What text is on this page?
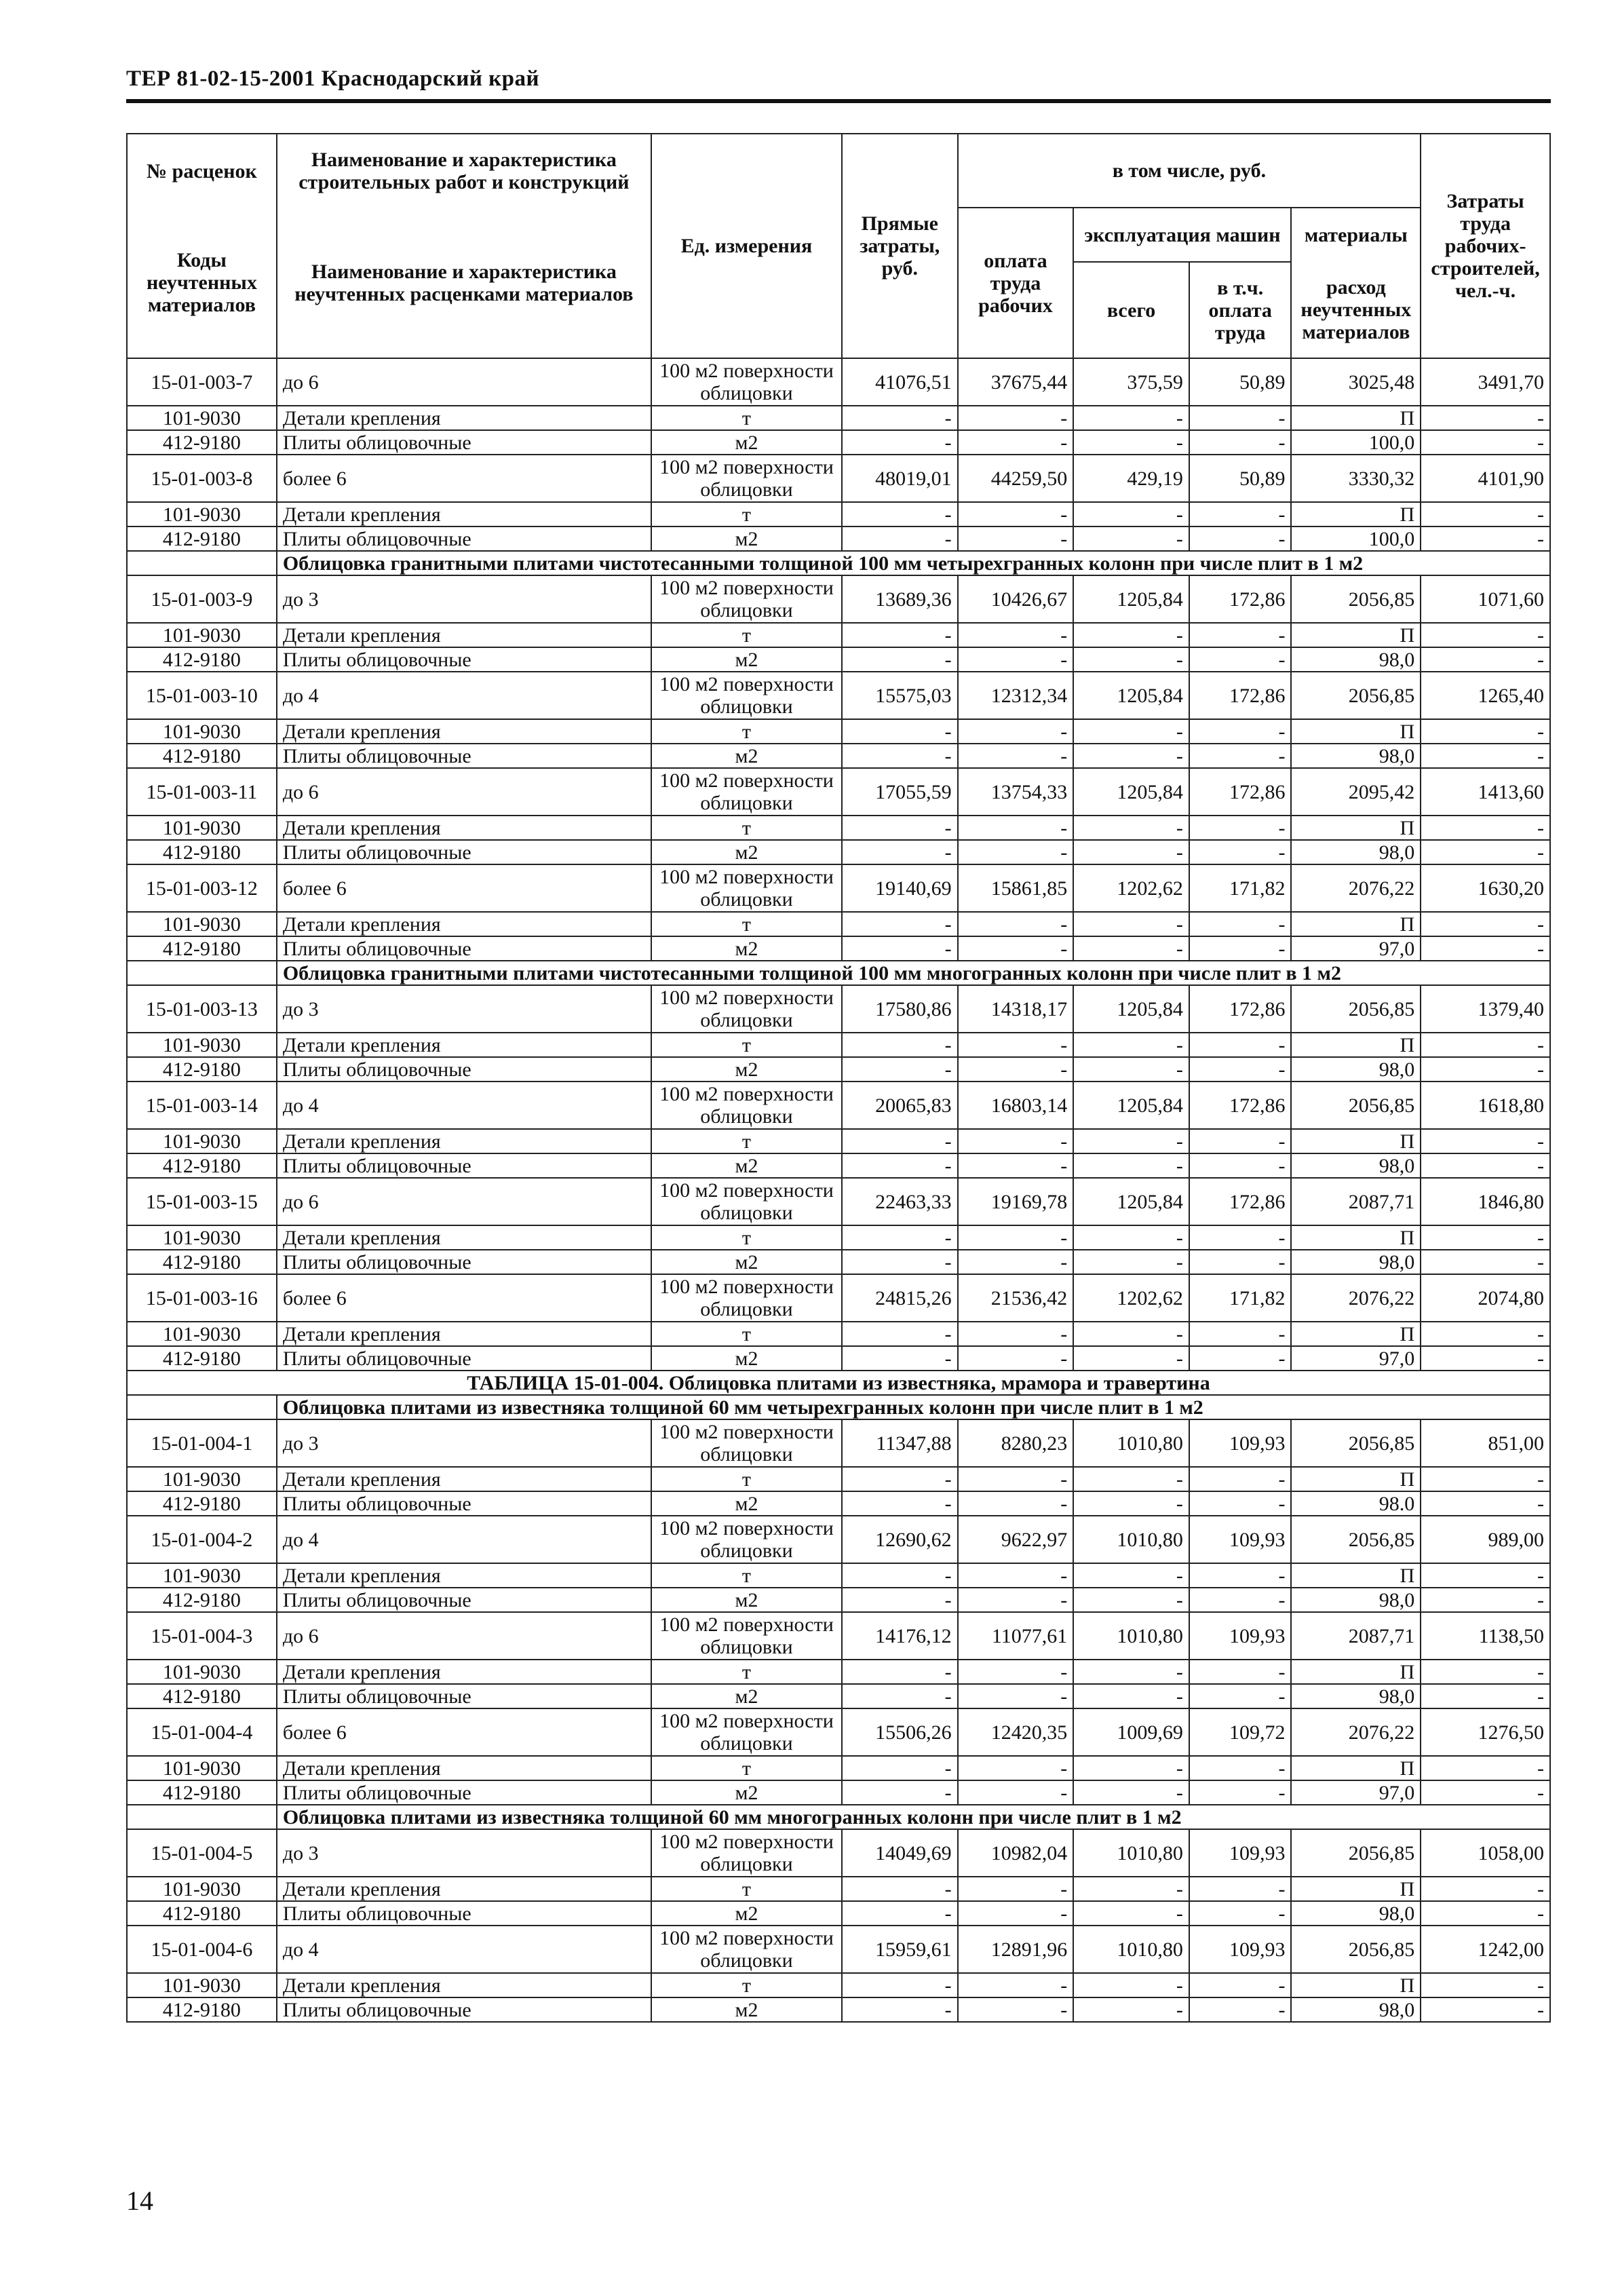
ТЕР 81-02-15-2001 Краснодарский край
№ расценок	Наименование и характеристика строительных работ и конструкций	Ед. измерения	Прямые затраты, руб.	в том числе, руб.				Затраты труда рабочих-строителей, чел.-ч.
Коды неучтенных материалов	Наименование и характеристика неучтенных расценками материалов			оплата труда рабочих	эксплуатация машин		материалы	
					всего	в т.ч. оплата труда	расход неучтенных материалов	
15-01-003-7	до 6	100 м2 поверхности облицовки	41076,51	37675,44	375,59	50,89	3025,48	3491,70
101-9030	Детали крепления	т	-	-	-	-	П	-
412-9180	Плиты облицовочные	м2	-	-	-	-	100,0	-
15-01-003-8	более 6	100 м2 поверхности облицовки	48019,01	44259,50	429,19	50,89	3330,32	4101,90
101-9030	Детали крепления	т	-	-	-	-	П	-
412-9180	Плиты облицовочные	м2	-	-	-	-	100,0	-
	Облицовка гранитными плитами чистотесанными толщиной 100 мм четырехгранных колонн при числе плит в 1 м2							
15-01-003-9	до 3	100 м2 поверхности облицовки	13689,36	10426,67	1205,84	172,86	2056,85	1071,60
101-9030	Детали крепления	т	-	-	-	-	П	-
412-9180	Плиты облицовочные	м2	-	-	-	-	98,0	-
15-01-003-10	до 4	100 м2 поверхности облицовки	15575,03	12312,34	1205,84	172,86	2056,85	1265,40
101-9030	Детали крепления	т	-	-	-	-	П	-
412-9180	Плиты облицовочные	м2	-	-	-	-	98,0	-
15-01-003-11	до 6	100 м2 поверхности облицовки	17055,59	13754,33	1205,84	172,86	2095,42	1413,60
101-9030	Детали крепления	т	-	-	-	-	П	-
412-9180	Плиты облицовочные	м2	-	-	-	-	98,0	-
15-01-003-12	более 6	100 м2 поверхности облицовки	19140,69	15861,85	1202,62	171,82	2076,22	1630,20
101-9030	Детали крепления	т	-	-	-	-	П	-
412-9180	Плиты облицовочные	м2	-	-	-	-	97,0	-
	Облицовка гранитными плитами чистотесанными толщиной 100 мм многогранных колонн при числе плит в 1 м2							
15-01-003-13	до 3	100 м2 поверхности облицовки	17580,86	14318,17	1205,84	172,86	2056,85	1379,40
101-9030	Детали крепления	т	-	-	-	-	П	-
412-9180	Плиты облицовочные	м2	-	-	-	-	98,0	-
15-01-003-14	до 4	100 м2 поверхности облицовки	20065,83	16803,14	1205,84	172,86	2056,85	1618,80
101-9030	Детали крепления	т	-	-	-	-	П	-
412-9180	Плиты облицовочные	м2	-	-	-	-	98,0	-
15-01-003-15	до 6	100 м2 поверхности облицовки	22463,33	19169,78	1205,84	172,86	2087,71	1846,80
101-9030	Детали крепления	т	-	-	-	-	П	-
412-9180	Плиты облицовочные	м2	-	-	-	-	98,0	-
15-01-003-16	более 6	100 м2 поверхности облицовки	24815,26	21536,42	1202,62	171,82	2076,22	2074,80
101-9030	Детали крепления	т	-	-	-	-	П	-
412-9180	Плиты облицовочные	м2	-	-	-	-	97,0	-
ТАБЛИЦА 15-01-004. Облицовка плитами из известняка, мрамора и травертина								
	Облицовка плитами из известняка толщиной 60 мм четырехгранных колонн при числе плит в 1 м2							
15-01-004-1	до 3	100 м2 поверхности облицовки	11347,88	8280,23	1010,80	109,93	2056,85	851,00
101-9030	Детали крепления	т	-	-	-	-	П	-
412-9180	Плиты облицовочные	м2	-	-	-	-	98.0	-
15-01-004-2	до 4	100 м2 поверхности облицовки	12690,62	9622,97	1010,80	109,93	2056,85	989,00
101-9030	Детали крепления	т	-	-	-	-	П	-
412-9180	Плиты облицовочные	м2	-	-	-	-	98,0	-
15-01-004-3	до 6	100 м2 поверхности облицовки	14176,12	11077,61	1010,80	109,93	2087,71	1138,50
101-9030	Детали крепления	т	-	-	-	-	П	-
412-9180	Плиты облицовочные	м2	-	-	-	-	98,0	-
15-01-004-4	более 6	100 м2 поверхности облицовки	15506,26	12420,35	1009,69	109,72	2076,22	1276,50
101-9030	Детали крепления	т	-	-	-	-	П	-
412-9180	Плиты облицовочные	м2	-	-	-	-	97,0	-
	Облицовка плитами из известняка толщиной 60 мм многогранных колонн при числе плит в 1 м2							
15-01-004-5	до 3	100 м2 поверхности облицовки	14049,69	10982,04	1010,80	109,93	2056,85	1058,00
101-9030	Детали крепления	т	-	-	-	-	П	-
412-9180	Плиты облицовочные	м2	-	-	-	-	98,0	-
15-01-004-6	до 4	100 м2 поверхности облицовки	15959,61	12891,96	1010,80	109,93	2056,85	1242,00
101-9030	Детали крепления	т	-	-	-	-	П	-
412-9180	Плиты облицовочные	м2	-	-	-	-	98,0	-
14
